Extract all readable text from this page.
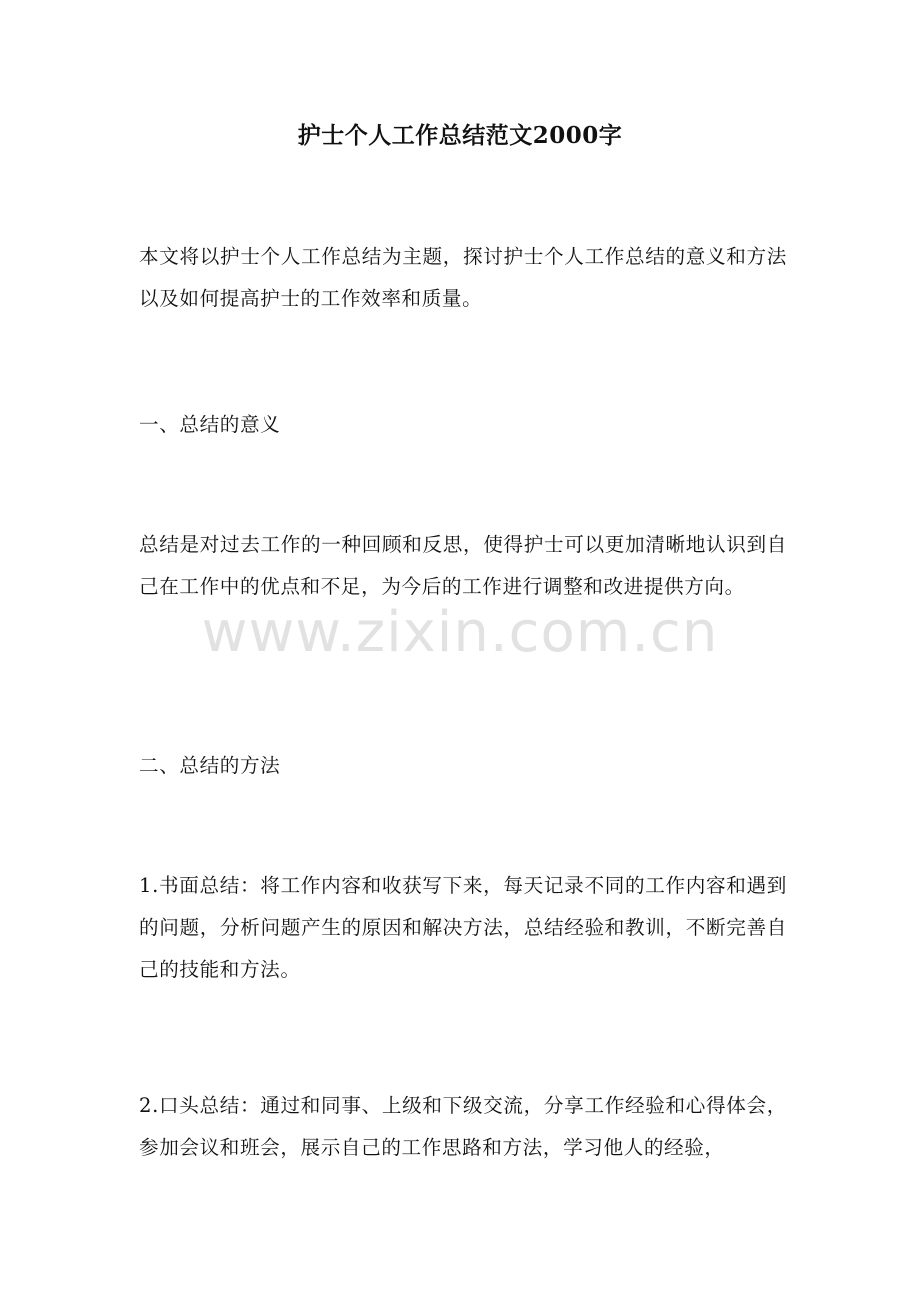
护士个人工作总结范文2000字
本文将以护士个人工作总结为主题，探讨护士个人工作总结的意义和方法以及如何提高护士的工作效率和质量。
一、总结的意义
总结是对过去工作的一种回顾和反思，使得护士可以更加清晰地认识到自己在工作中的优点和不足，为今后的工作进行调整和改进提供方向。
二、总结的方法
1.书面总结：将工作内容和收获写下来，每天记录不同的工作内容和遇到的问题，分析问题产生的原因和解决方法，总结经验和教训，不断完善自己的技能和方法。
2.口头总结：通过和同事、上级和下级交流，分享工作经验和心得体会，参加会议和班会，展示自己的工作思路和方法，学习他人的经验，
www.zixin.com.cn
